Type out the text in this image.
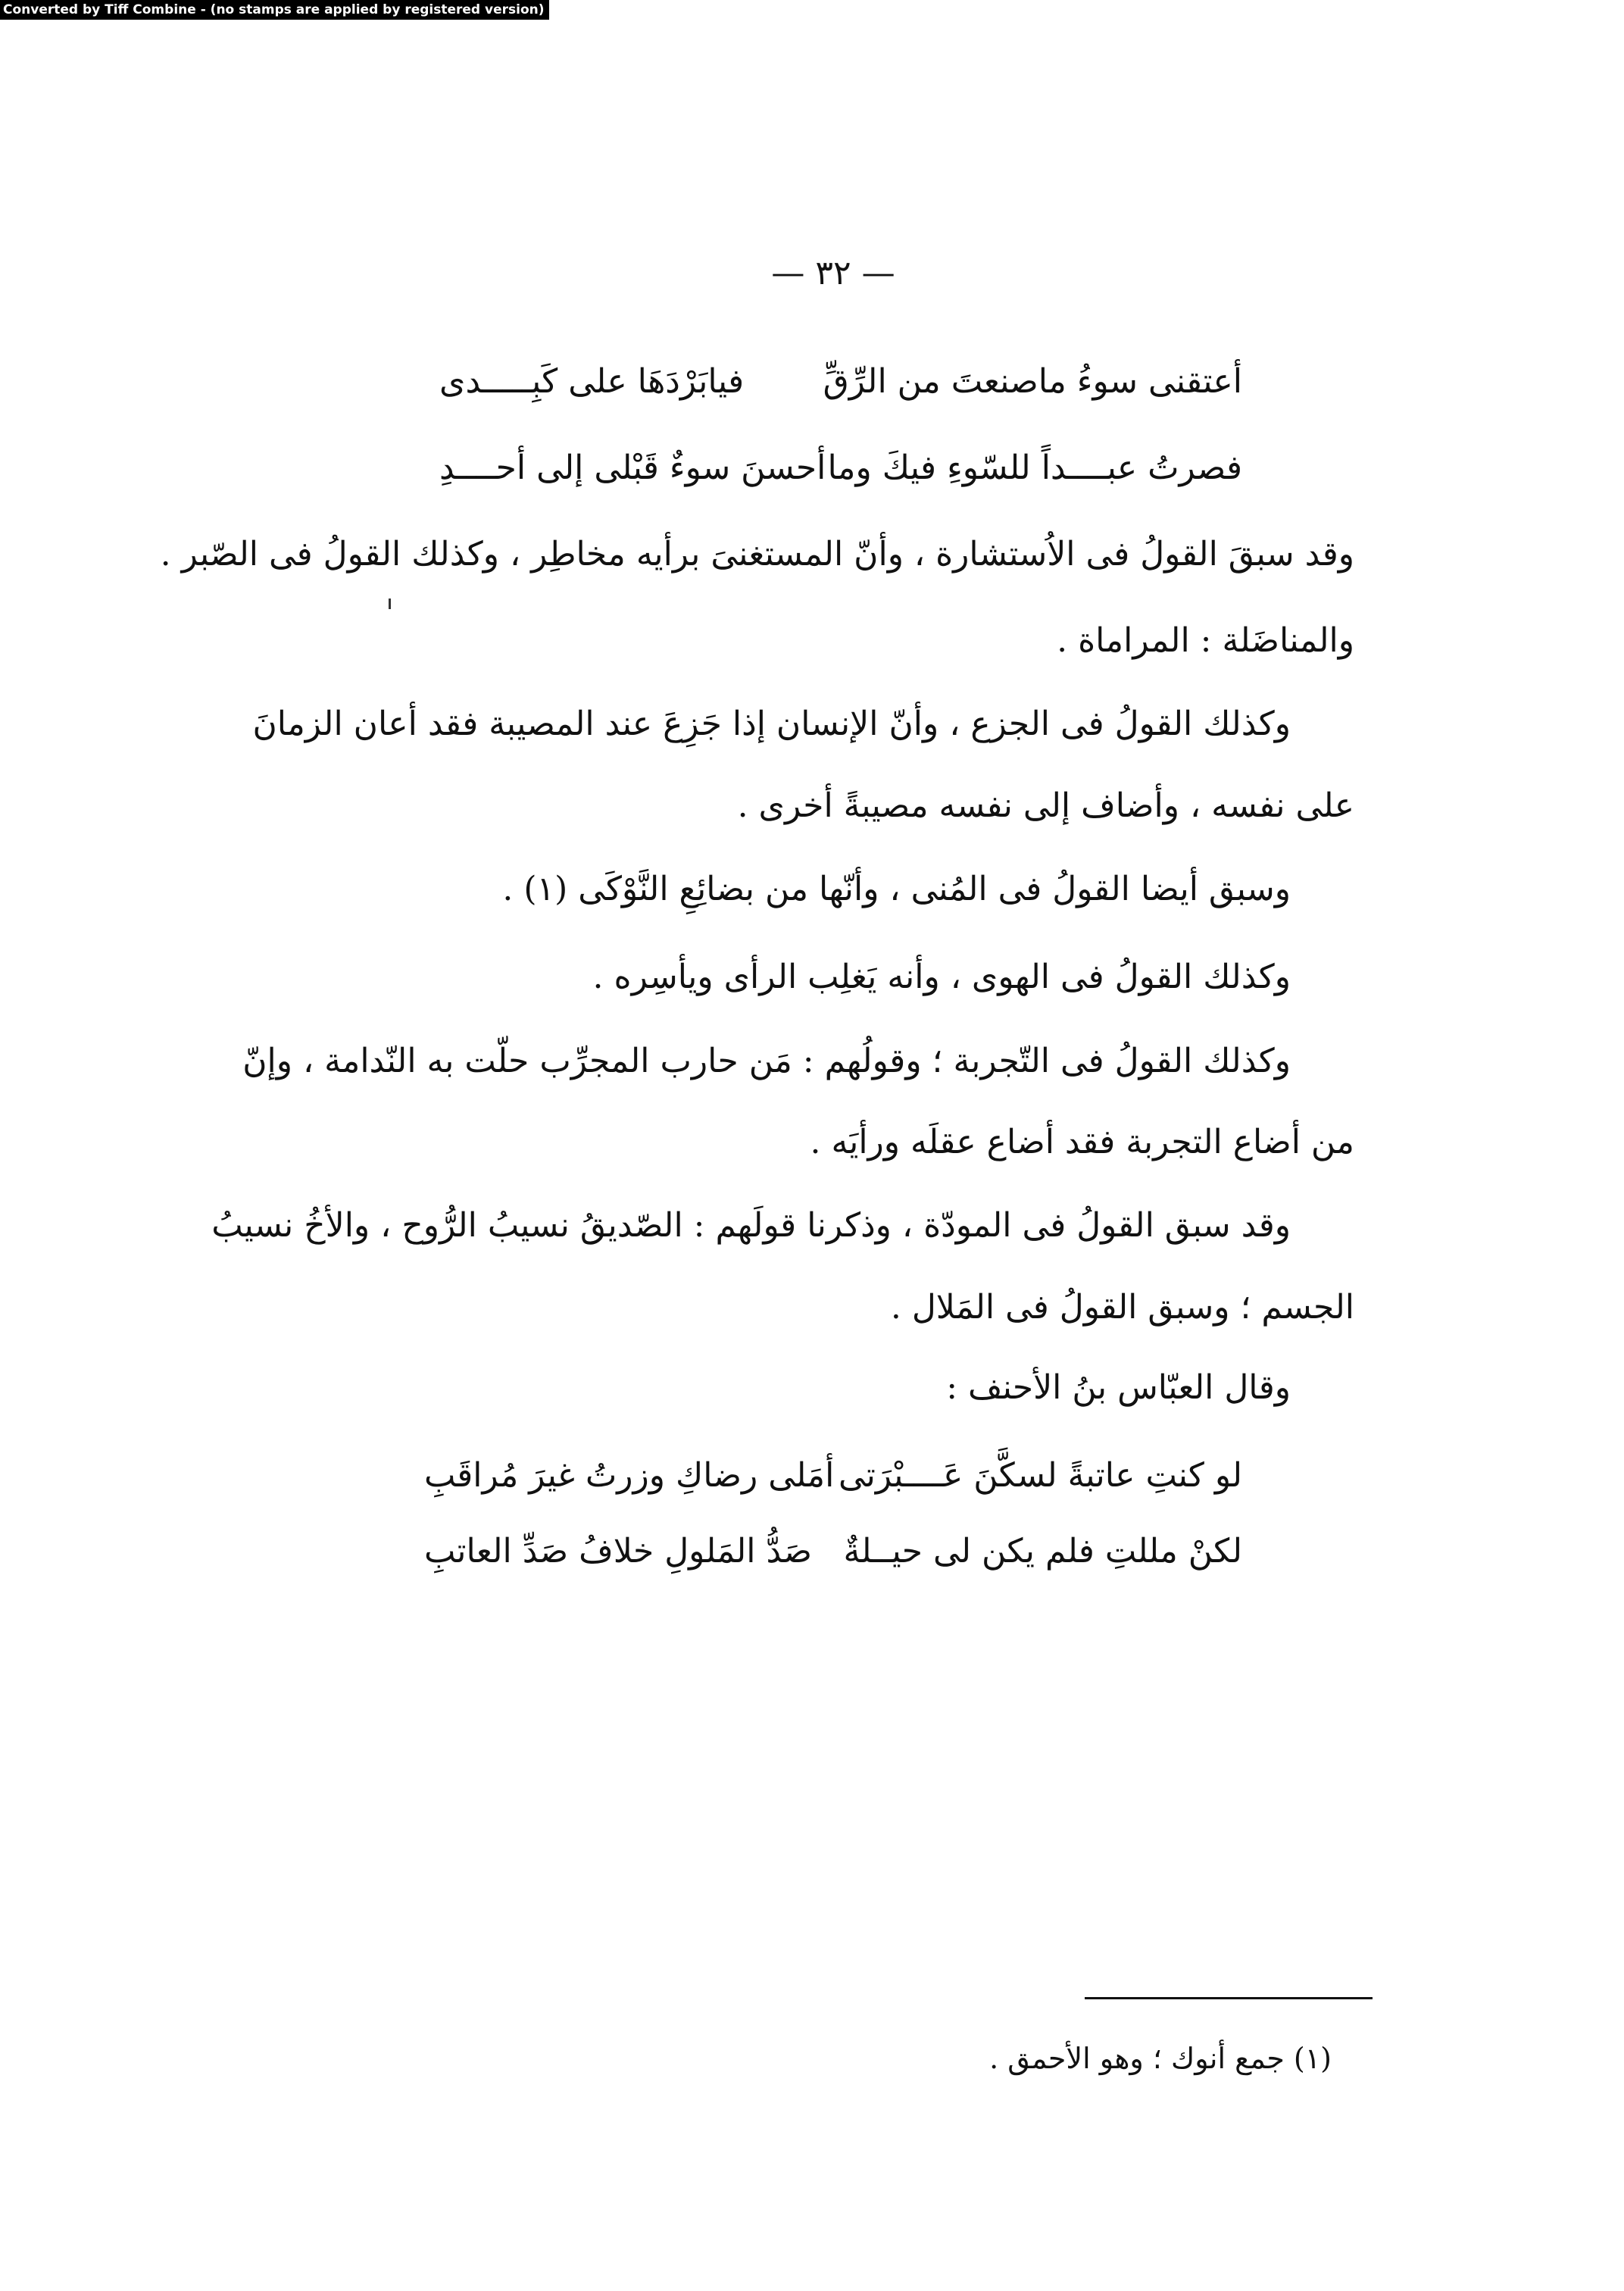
Converted by Tiff Combine - (no stamps are applied by registered version)
— ٣٢ —
أعتقنى سوءُ ماصنعتَ من الرِّقِّ
فيابَرْدَهَا على كَبِـــــدى
فصرتُ عبــــداً للسّوءِ فيكَ وما
أحسنَ سوءٌ قَبْلى إلى أحــــدِ
وقد سبقَ القولُ فى الاُستشارة ، وأنّ المستغنىَ برأيه مخاطِر ، وكذلك القولُ فى الصّبر .
والمناضَلة : المراماة .
وكذلك القولُ فى الجزع ، وأنّ الإنسان إذا جَزِعَ عند المصيبة فقد أعان الزمانَ
على نفسه ، وأضاف إلى نفسه مصيبةً أخرى .
وسبق أيضا القولُ فى المُنى ، وأنّها من بضائِعِ النَّوْكَى (١) .
وكذلك القولُ فى الهوى ، وأنه يَغلِب الرأى ويأسِره .
وكذلك القولُ فى التّجربة ؛ وقولُهم : مَن حارب المجرِّب حلّت به النّدامة ، وإنّ
من أضاع التجربة فقد أضاع عقلَه ورأيَه .
وقد سبق القولُ فى المودّة ، وذكرنا قولَهم : الصّديقُ نسيبُ الرُّوح ، والأخُ نسيبُ
الجسم ؛ وسبق القولُ فى المَلال .
وقال العبّاس بنُ الأحنف :
لو كنتِ عاتبةً لسكَّنَ عَــــبْرَتى
أمَلى رضاكِ وزرتُ غيرَ مُراقَبِ
لكنْ مللتِ فلم يكن لى حيــلةٌ
صَدُّ المَلولِ خلافُ صَدِّ العاتبِ
(١) جمع أنوك ؛ وهو الأحمق .
